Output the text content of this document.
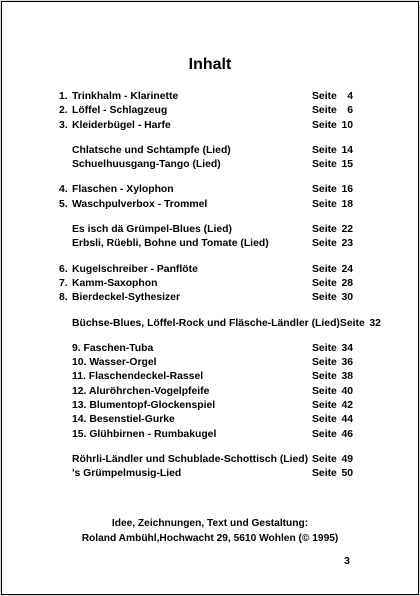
Inhalt
1. Trinkhalm - Klarinette	Seite 4
2. Löffel - Schlagzeug	Seite 6
3. Kleiderbügel - Harfe	Seite 10
Chlatsche und Schtampfe (Lied)	Seite 14
Schuelhuusgang-Tango (Lied)	Seite 15
4. Flaschen - Xylophon	Seite 16
5. Waschpulverbox - Trommel	Seite 18
Es isch dä Grümpel-Blues (Lied)	Seite 22
Erbsli, Rüebli, Bohne und Tomate (Lied)	Seite 23
6. Kugelschreiber - Panflöte	Seite 24
7. Kamm-Saxophon	Seite 28
8. Bierdeckel-Sythesizer	Seite 30
Büchse-Blues, Löffel-Rock und Fläsche-Ländler (Lied) Seite 32
9. Faschen-Tuba	Seite 34
10. Wasser-Orgel	Seite 36
11. Flaschendeckel-Rassel	Seite 38
12. Aluröhrchen-Vogelpfeife	Seite 40
13. Blumentopf-Glockenspiel	Seite 42
14. Besenstiel-Gurke	Seite 44
15. Glühbirnen - Rumbakugel	Seite 46
Röhrli-Ländler und Schublade-Schottisch (Lied) Seite 49
's Grümpelmusig-Lied	Seite 50
Idee, Zeichnungen, Text und Gestaltung:
Roland Ambühl,Hochwacht 29, 5610 Wohlen (© 1995)
3
